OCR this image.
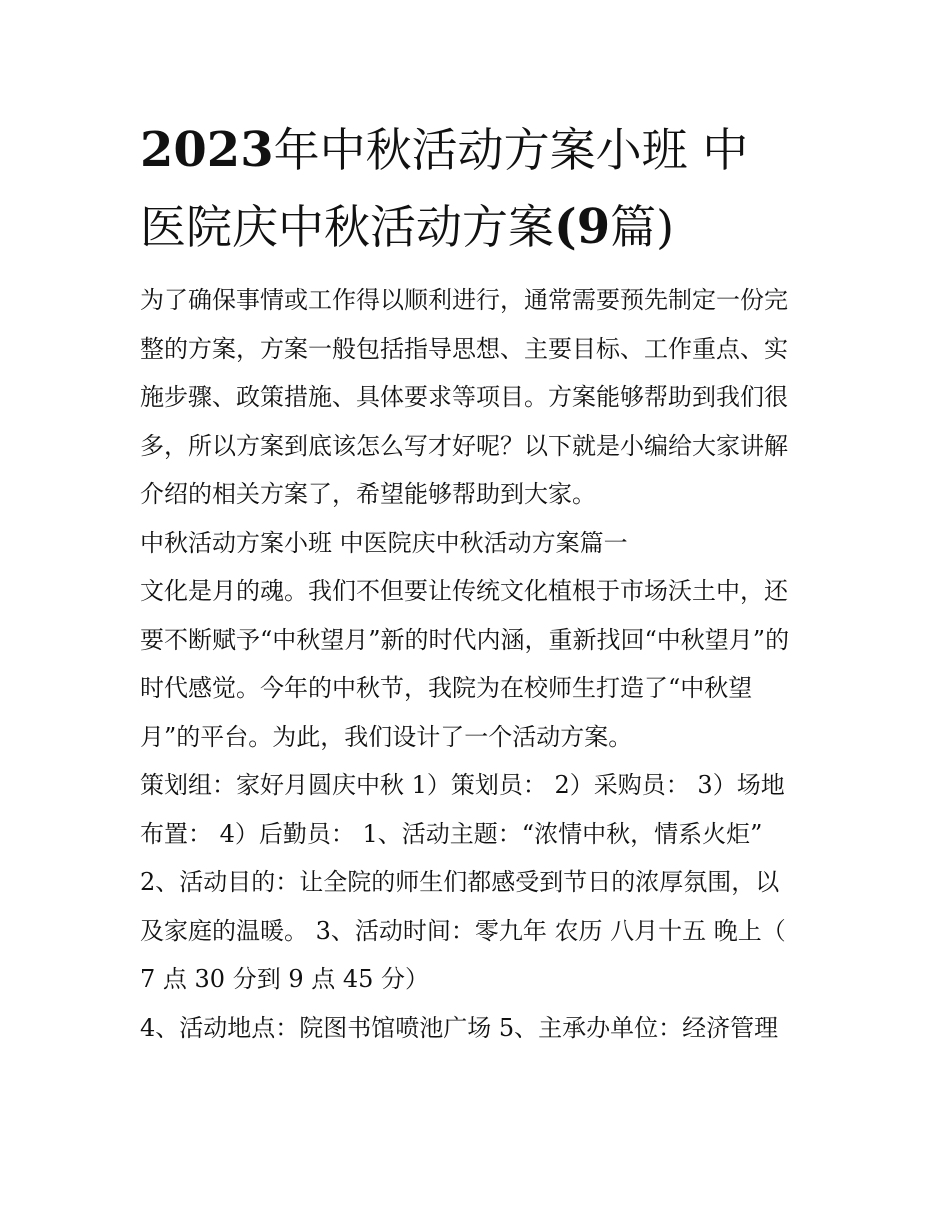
2023年中秋活动方案小班 中
医院庆中秋活动方案(9篇)

为了确保事情或工作得以顺利进行，通常需要预先制定一份完

整的方案，方案一般包括指导思想、主要目标、工作重点、实

施步骤、政策措施、具体要求等项目。方案能够帮助到我们很

多，所以方案到底该怎么写才好呢？以下就是小编给大家讲解

介绍的相关方案了，希望能够帮助到大家。

中秋活动方案小班 中医院庆中秋活动方案篇一

文化是月的魂。我们不但要让传统文化植根于市场沃土中，还

要不断赋予“中秋望月”新的时代内涵，重新找回“中秋望月”的

时代感觉。今年的中秋节，我院为在校师生打造了“中秋望

月”的平台。为此，我们设计了一个活动方案。

策划组：家好月圆庆中秋 1）策划员： 2）采购员： 3）场地

布置： 4）后勤员： 1、活动主题：“浓情中秋，情系火炬”

2、活动目的：让全院的师生们都感受到节日的浓厚氛围，以

及家庭的温暖。 3、活动时间：零九年 农历 八月十五 晚上（

7 点 30 分到 9 点 45 分）

4、活动地点：院图书馆喷池广场 5、主承办单位：经济管理
